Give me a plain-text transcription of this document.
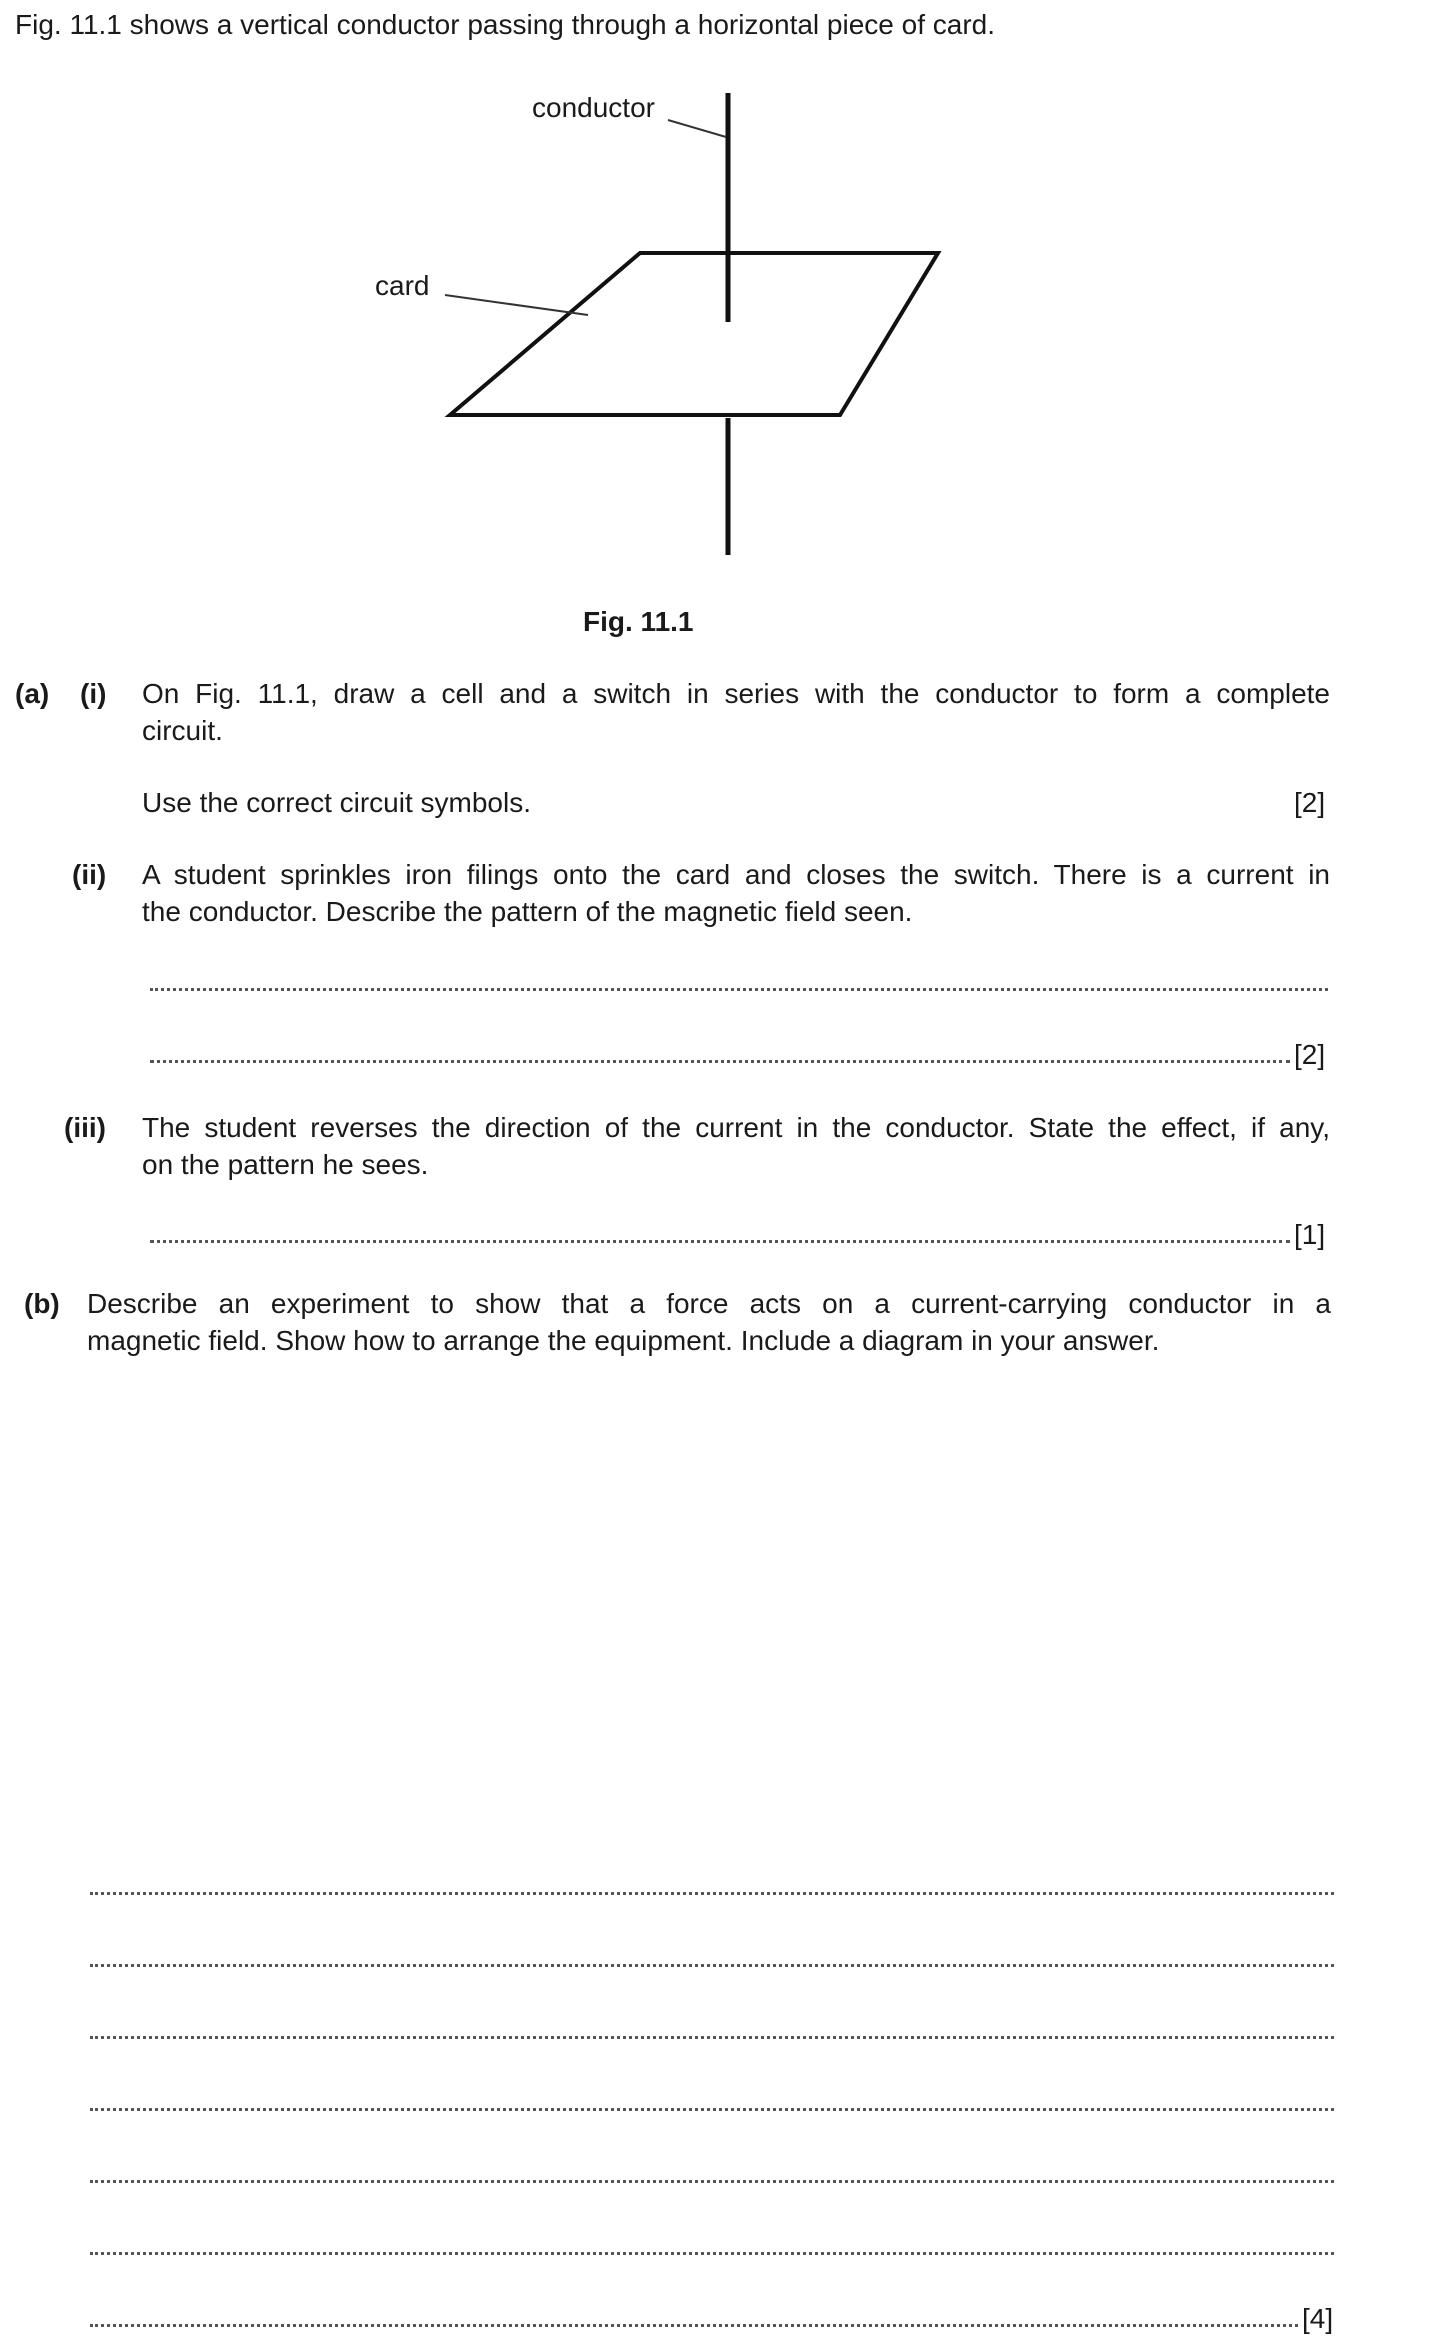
Fig. 11.1 shows a vertical conductor passing through a horizontal piece of card.
conductor
card
Fig. 11.1
(a) (i) On Fig. 11.1, draw a cell and a switch in series with the conductor to form a complete
circuit.
Use the correct circuit symbols.	[2]
(ii) A student sprinkles iron filings onto the card and closes the switch. There is a current in
the conductor. Describe the pattern of the magnetic field seen.
[2]
(iii) The student reverses the direction of the current in the conductor. State the effect, if any,
on the pattern he sees.
[1]
(b) Describe an experiment to show that a force acts on a current-carrying conductor in a
magnetic field. Show how to arrange the equipment. Include a diagram in your answer.
[4]
